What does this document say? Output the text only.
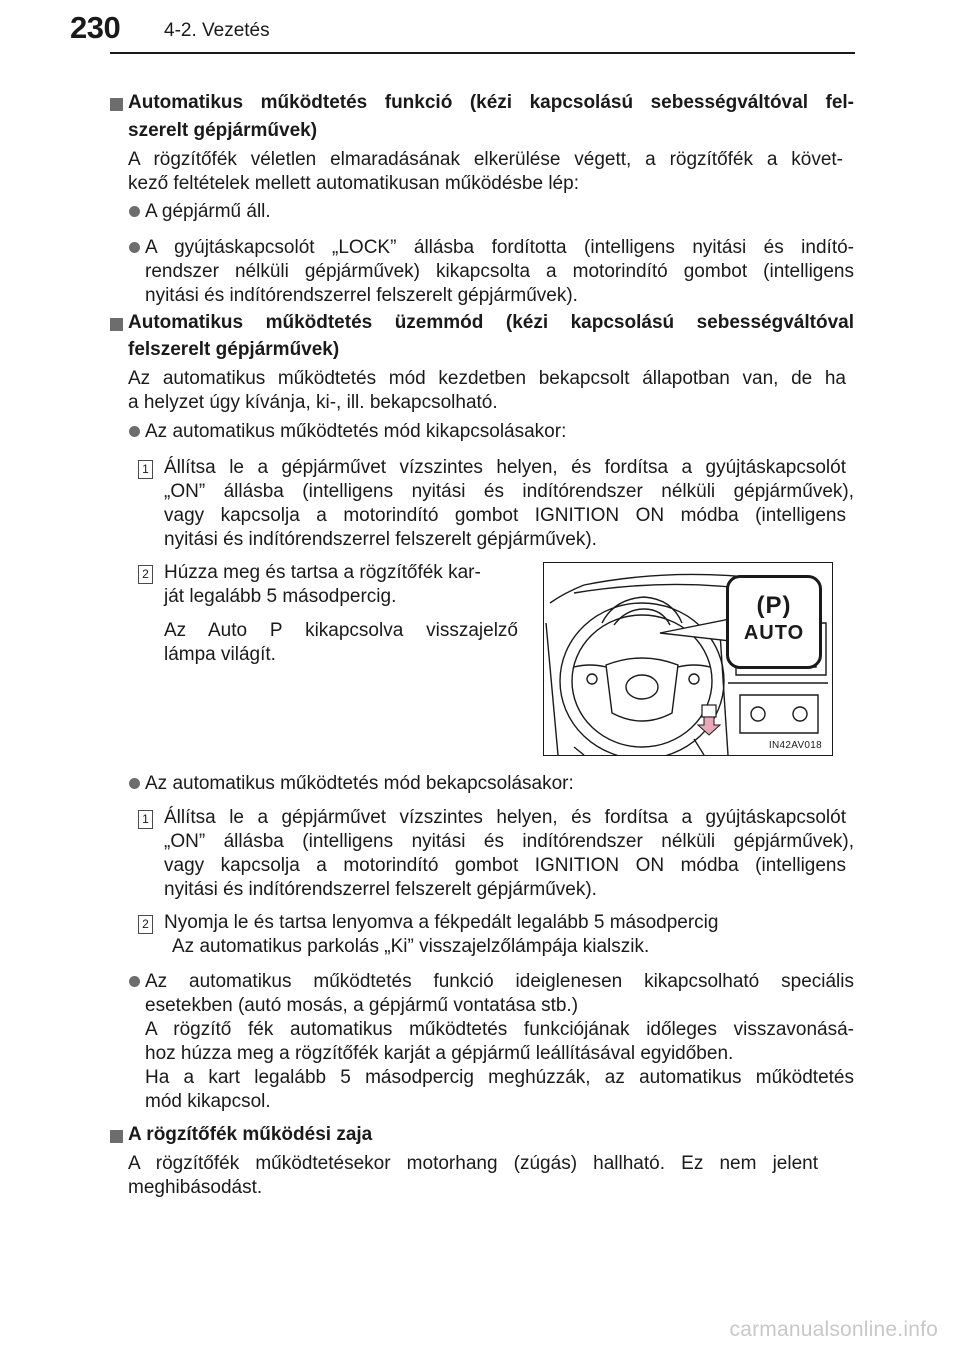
230 4-2. Vezetés
Automatikus működtetés funkció (kézi kapcsolású sebességváltóval fel-
szerelt gépjárművek)
A rögzítőfék véletlen elmaradásának elkerülése végett, a rögzítőfék a követ-
kező feltételek mellett automatikusan működésbe lép:
A gépjármű áll.
A gyújtáskapcsolót „LOCK” állásba fordította (intelligens nyitási és indító-
rendszer nélküli gépjárművek) kikapcsolta a motorindító gombot (intelligens
nyitási és indítórendszerrel felszerelt gépjárművek).
Automatikus működtetés üzemmód (kézi kapcsolású sebességváltóval
felszerelt gépjárművek)
Az automatikus működtetés mód kezdetben bekapcsolt állapotban van, de ha
a helyzet úgy kívánja, ki-, ill. bekapcsolható.
Az automatikus működtetés mód kikapcsolásakor:
1 Állítsa le a gépjárművet vízszintes helyen, és fordítsa a gyújtáskapcsolót
„ON” állásba (intelligens nyitási és indítórendszer nélküli gépjárművek),
vagy kapcsolja a motorindító gombot IGNITION ON módba (intelligens
nyitási és indítórendszerrel felszerelt gépjárművek).
2 Húzza meg és tartsa a rögzítőfék kar-
ját legalább 5 másodpercig.
Az Auto P kikapcsolva visszajelző
lámpa világít.
(P)
AUTO
IN42AV018
Az automatikus működtetés mód bekapcsolásakor:
1 Állítsa le a gépjárművet vízszintes helyen, és fordítsa a gyújtáskapcsolót
„ON” állásba (intelligens nyitási és indítórendszer nélküli gépjárművek),
vagy kapcsolja a motorindító gombot IGNITION ON módba (intelligens
nyitási és indítórendszerrel felszerelt gépjárművek).
2 Nyomja le és tartsa lenyomva a fékpedált legalább 5 másodpercig
Az automatikus parkolás „Ki” visszajelzőlámpája kialszik.
Az automatikus működtetés funkció ideiglenesen kikapcsolható speciális
esetekben (autó mosás, a gépjármű vontatása stb.)
A rögzítő fék automatikus működtetés funkciójának időleges visszavonásá-
hoz húzza meg a rögzítőfék karját a gépjármű leállításával egyidőben.
Ha a kart legalább 5 másodpercig meghúzzák, az automatikus működtetés
mód kikapcsol.
A rögzítőfék működési zaja
A rögzítőfék működtetésekor motorhang (zúgás) hallható. Ez nem jelent
meghibásodást.
carmanualsonline.info
